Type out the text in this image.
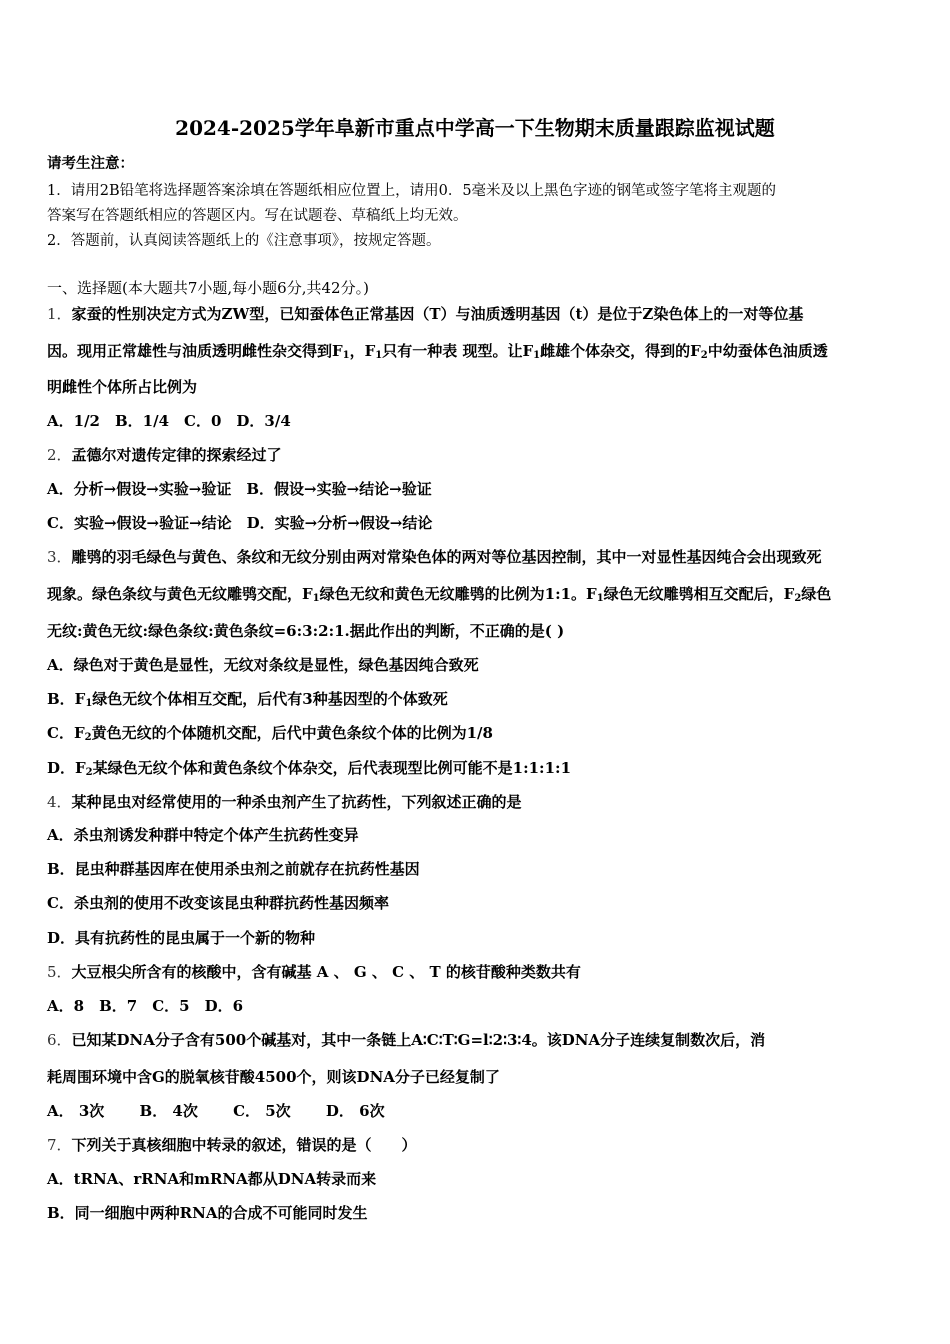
2024-2025学年阜新市重点中学高一下生物期末质量跟踪监视试题
请考生注意：
1．请用2B铅笔将选择题答案涂填在答题纸相应位置上，请用0．5毫米及以上黑色字迹的钢笔或签字笔将主观题的
答案写在答题纸相应的答题区内。写在试题卷、草稿纸上均无效。
2．答题前，认真阅读答题纸上的《注意事项》，按规定答题。
一、选择题(本大题共7小题,每小题6分,共42分。)
1．家蚕的性别决定方式为ZW型，已知蚕体色正常基因（T）与油质透明基因（t）是位于Z染色体上的一对等位基
因。现用正常雄性与油质透明雌性杂交得到$F_1$，$F_1$只有一种表 现型。让$F_1$雌雄个体杂交，得到的$F_2$中幼蚕体色油质透
明雌性个体所占比例为
A．1/2　B．1/4　C．0　D．3/4
2．孟德尔对遗传定律的探索经过了
A．分析→假设→实验→验证　B．假设→实验→结论→验证
C．实验→假设→验证→结论　D．实验→分析→假设→结论
3．雕鸮的羽毛绿色与黄色、条纹和无纹分别由两对常染色体的两对等位基因控制，其中一对显性基因纯合会出现致死
现象。绿色条纹与黄色无纹雕鸮交配，$F_1$绿色无纹和黄色无纹雕鸮的比例为1:1。$F_1$绿色无纹雕鸮相互交配后，$F_2$绿色
无纹:黄色无纹:绿色条纹:黄色条纹=6:3:2:1.据此作出的判断，不正确的是( )
A．绿色对于黄色是显性，无纹对条纹是显性，绿色基因纯合致死
B．$F_1$绿色无纹个体相互交配，后代有3种基因型的个体致死
C．$F_2$黄色无纹的个体随机交配，后代中黄色条纹个体的比例为1/8
D．$F_2$某绿色无纹个体和黄色条纹个体杂交，后代表现型比例可能不是1:1:1:1
4．某种昆虫对经常使用的一种杀虫剂产生了抗药性，下列叙述正确的是
A．杀虫剂诱发种群中特定个体产生抗药性变异
B．昆虫种群基因库在使用杀虫剂之前就存在抗药性基因
C．杀虫剂的使用不改变该昆虫种群抗药性基因频率
D．具有抗药性的昆虫属于一个新的物种
5．大豆根尖所含有的核酸中，含有碱基 A 、 G 、 C 、 T 的核苷酸种类数共有
A．8　B．7　C．5　D．6
6．已知某DNA分子含有500个碱基对，其中一条链上A∶C∶T∶G=l∶2∶3∶4。该DNA分子连续复制数次后，消
耗周围环境中含G的脱氧核苷酸4500个，则该DNA分子已经复制了
A． 3次　　 B． 4次　　 C． 5次　　 D． 6次
7．下列关于真核细胞中转录的叙述，错误的是（　　）
A．tRNA、rRNA和mRNA都从DNA转录而来
B．同一细胞中两种RNA的合成不可能同时发生
